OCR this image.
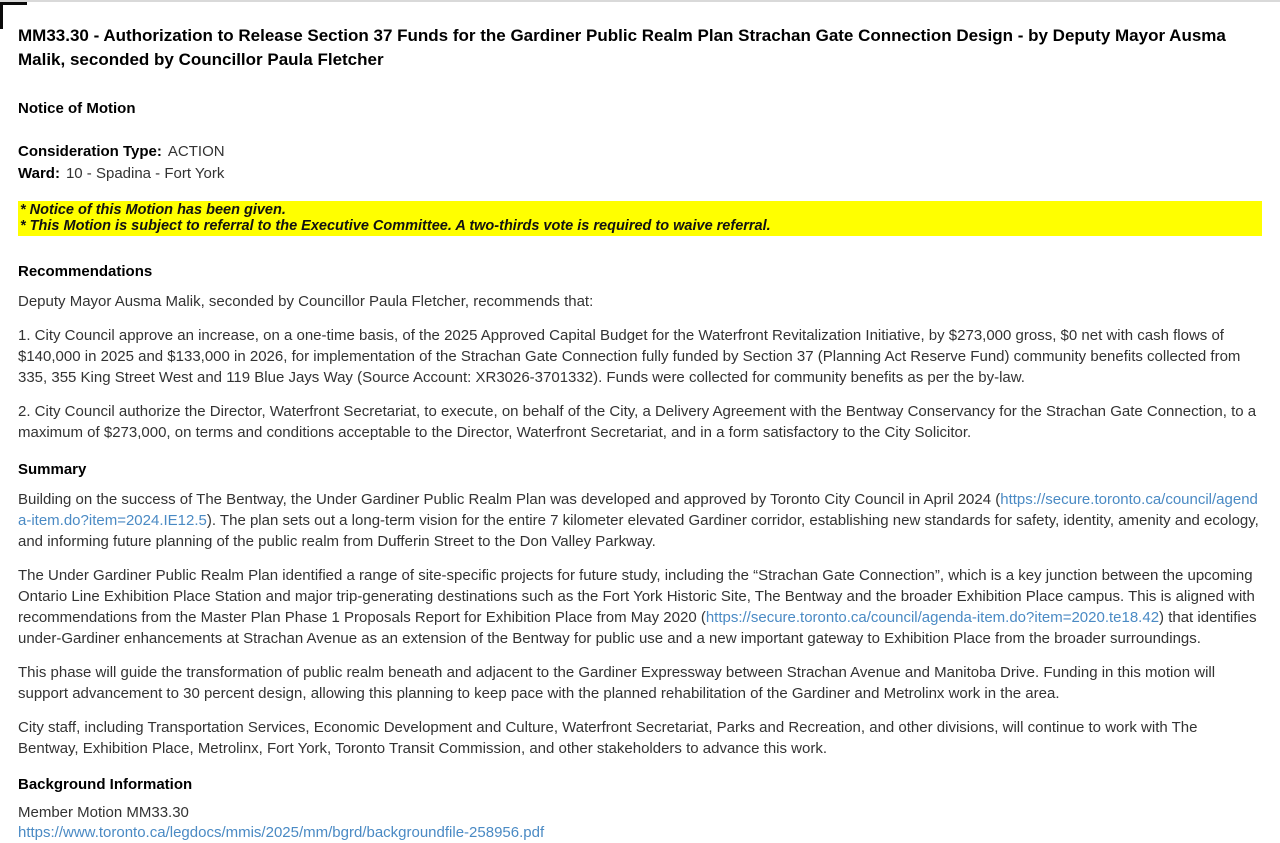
MM33.30 - Authorization to Release Section 37 Funds for the Gardiner Public Realm Plan Strachan Gate Connection Design - by Deputy Mayor Ausma Malik, seconded by Councillor Paula Fletcher
Notice of Motion
Consideration Type: ACTION
Ward: 10 - Spadina - Fort York
* Notice of this Motion has been given.
* This Motion is subject to referral to the Executive Committee. A two-thirds vote is required to waive referral.
Recommendations

Deputy Mayor Ausma Malik, seconded by Councillor Paula Fletcher, recommends that:

1. City Council approve an increase, on a one-time basis, of the 2025 Approved Capital Budget for the Waterfront Revitalization Initiative, by $273,000 gross, $0 net with cash flows of $140,000 in 2025 and $133,000 in 2026, for implementation of the Strachan Gate Connection fully funded by Section 37 (Planning Act Reserve Fund) community benefits collected from 335, 355 King Street West and 119 Blue Jays Way (Source Account: XR3026-3701332). Funds were collected for community benefits as per the by-law.

2. City Council authorize the Director, Waterfront Secretariat, to execute, on behalf of the City, a Delivery Agreement with the Bentway Conservancy for the Strachan Gate Connection, to a maximum of $273,000, on terms and conditions acceptable to the Director, Waterfront Secretariat, and in a form satisfactory to the City Solicitor.

Summary

Building on the success of The Bentway, the Under Gardiner Public Realm Plan was developed and approved by Toronto City Council in April 2024 (https://secure.toronto.ca/council/agenda-item.do?item=2024.IE12.5). The plan sets out a long-term vision for the entire 7 kilometer elevated Gardiner corridor, establishing new standards for safety, identity, amenity and ecology, and informing future planning of the public realm from Dufferin Street to the Don Valley Parkway.

The Under Gardiner Public Realm Plan identified a range of site-specific projects for future study, including the “Strachan Gate Connection”, which is a key junction between the upcoming Ontario Line Exhibition Place Station and major trip-generating destinations such as the Fort York Historic Site, The Bentway and the broader Exhibition Place campus. This is aligned with recommendations from the Master Plan Phase 1 Proposals Report for Exhibition Place from May 2020 (https://secure.toronto.ca/council/agenda-item.do?item=2020.te18.42) that identifies under-Gardiner enhancements at Strachan Avenue as an extension of the Bentway for public use and a new important gateway to Exhibition Place from the broader surroundings.

This phase will guide the transformation of public realm beneath and adjacent to the Gardiner Expressway between Strachan Avenue and Manitoba Drive. Funding in this motion will support advancement to 30 percent design, allowing this planning to keep pace with the planned rehabilitation of the Gardiner and Metrolinx work in the area.

City staff, including Transportation Services, Economic Development and Culture, Waterfront Secretariat, Parks and Recreation, and other divisions, will continue to work with The Bentway, Exhibition Place, Metrolinx, Fort York, Toronto Transit Commission, and other stakeholders to advance this work.

Background Information
Member Motion MM33.30
https://www.toronto.ca/legdocs/mmis/2025/mm/bgrd/backgroundfile-258956.pdf
